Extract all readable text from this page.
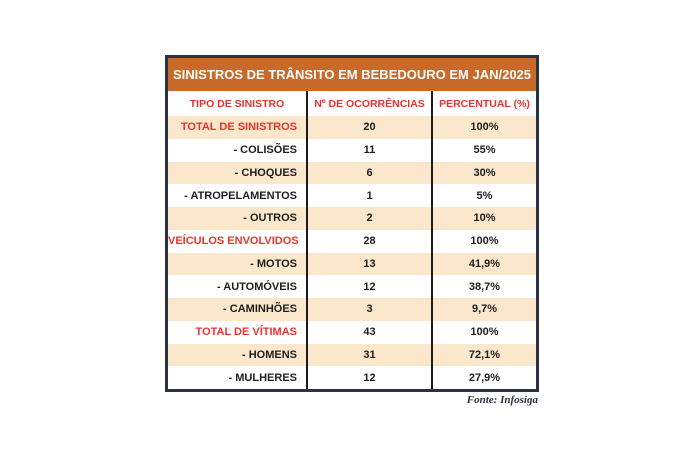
SINISTROS DE TRÂNSITO EM BEBEDOURO EM JAN/2025
TIPO DE SINISTRO	Nº DE OCORRÊNCIAS	PERCENTUAL (%)
TOTAL DE SINISTROS	20	100%
- COLISÕES	11	55%
- CHOQUES	6	30%
- ATROPELAMENTOS	1	5%
- OUTROS	2	10%
VEÍCULOS ENVOLVIDOS	28	100%
- MOTOS	13	41,9%
- AUTOMÓVEIS	12	38,7%
- CAMINHÕES	3	9,7%
TOTAL DE VÍTIMAS	43	100%
- HOMENS	31	72,1%
- MULHERES	12	27,9%
Fonte: Infosiga
